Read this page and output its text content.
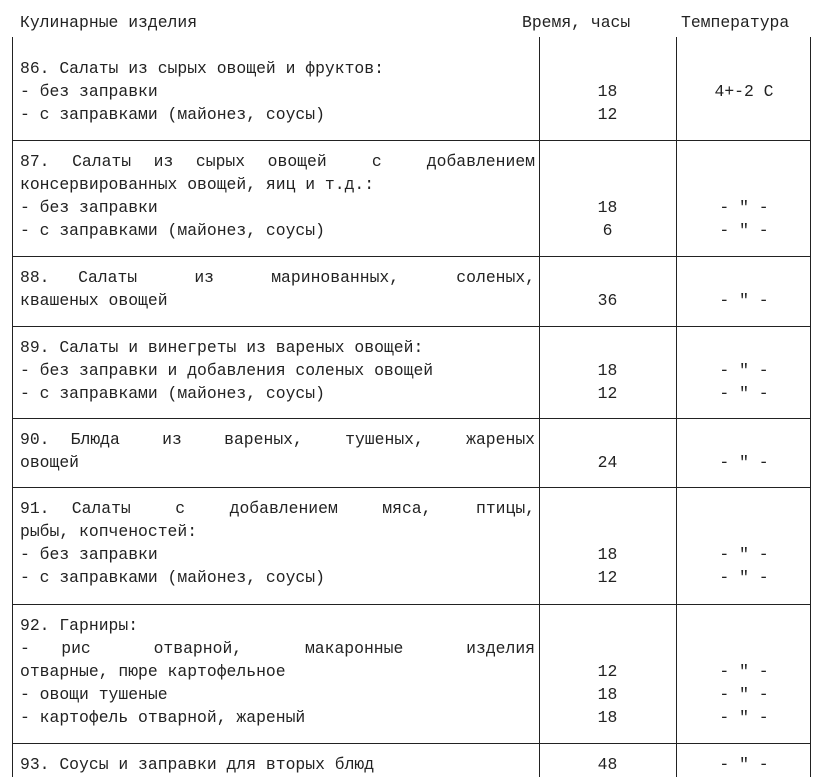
Кулинарные изделия	Время, часы	Температура
86. Салаты из сырых овощей и фруктов:
- без заправки	18	4+-2 С
- с заправками (майонез, соусы)	12
87. Салаты из сырых овощей  с  добавлением
консервированных овощей, яиц и т.д.:
- без заправки	18	- " -
- с заправками (майонез, соусы)	6	- " -
88. Салаты  из  маринованных,  соленых,
квашеных овощей	36	- " -
89. Салаты и винегреты из вареных овощей:
- без заправки и добавления соленых овощей	18	- " -
- с заправками (майонез, соусы)	12	- " -
90. Блюда  из  вареных,  тушеных,  жареных
овощей	24	- " -
91. Салаты  с  добавлением  мяса,  птицы,
рыбы, копченостей:
- без заправки	18	- " -
- с заправками (майонез, соусы)	12	- " -
92. Гарниры:
- рис  отварной,  макаронные  изделия
отварные, пюре картофельное	12	- " -
- овощи тушеные	18	- " -
- картофель отварной, жареный	18	- " -
93. Соусы и заправки для вторых блюд	48	- " -
